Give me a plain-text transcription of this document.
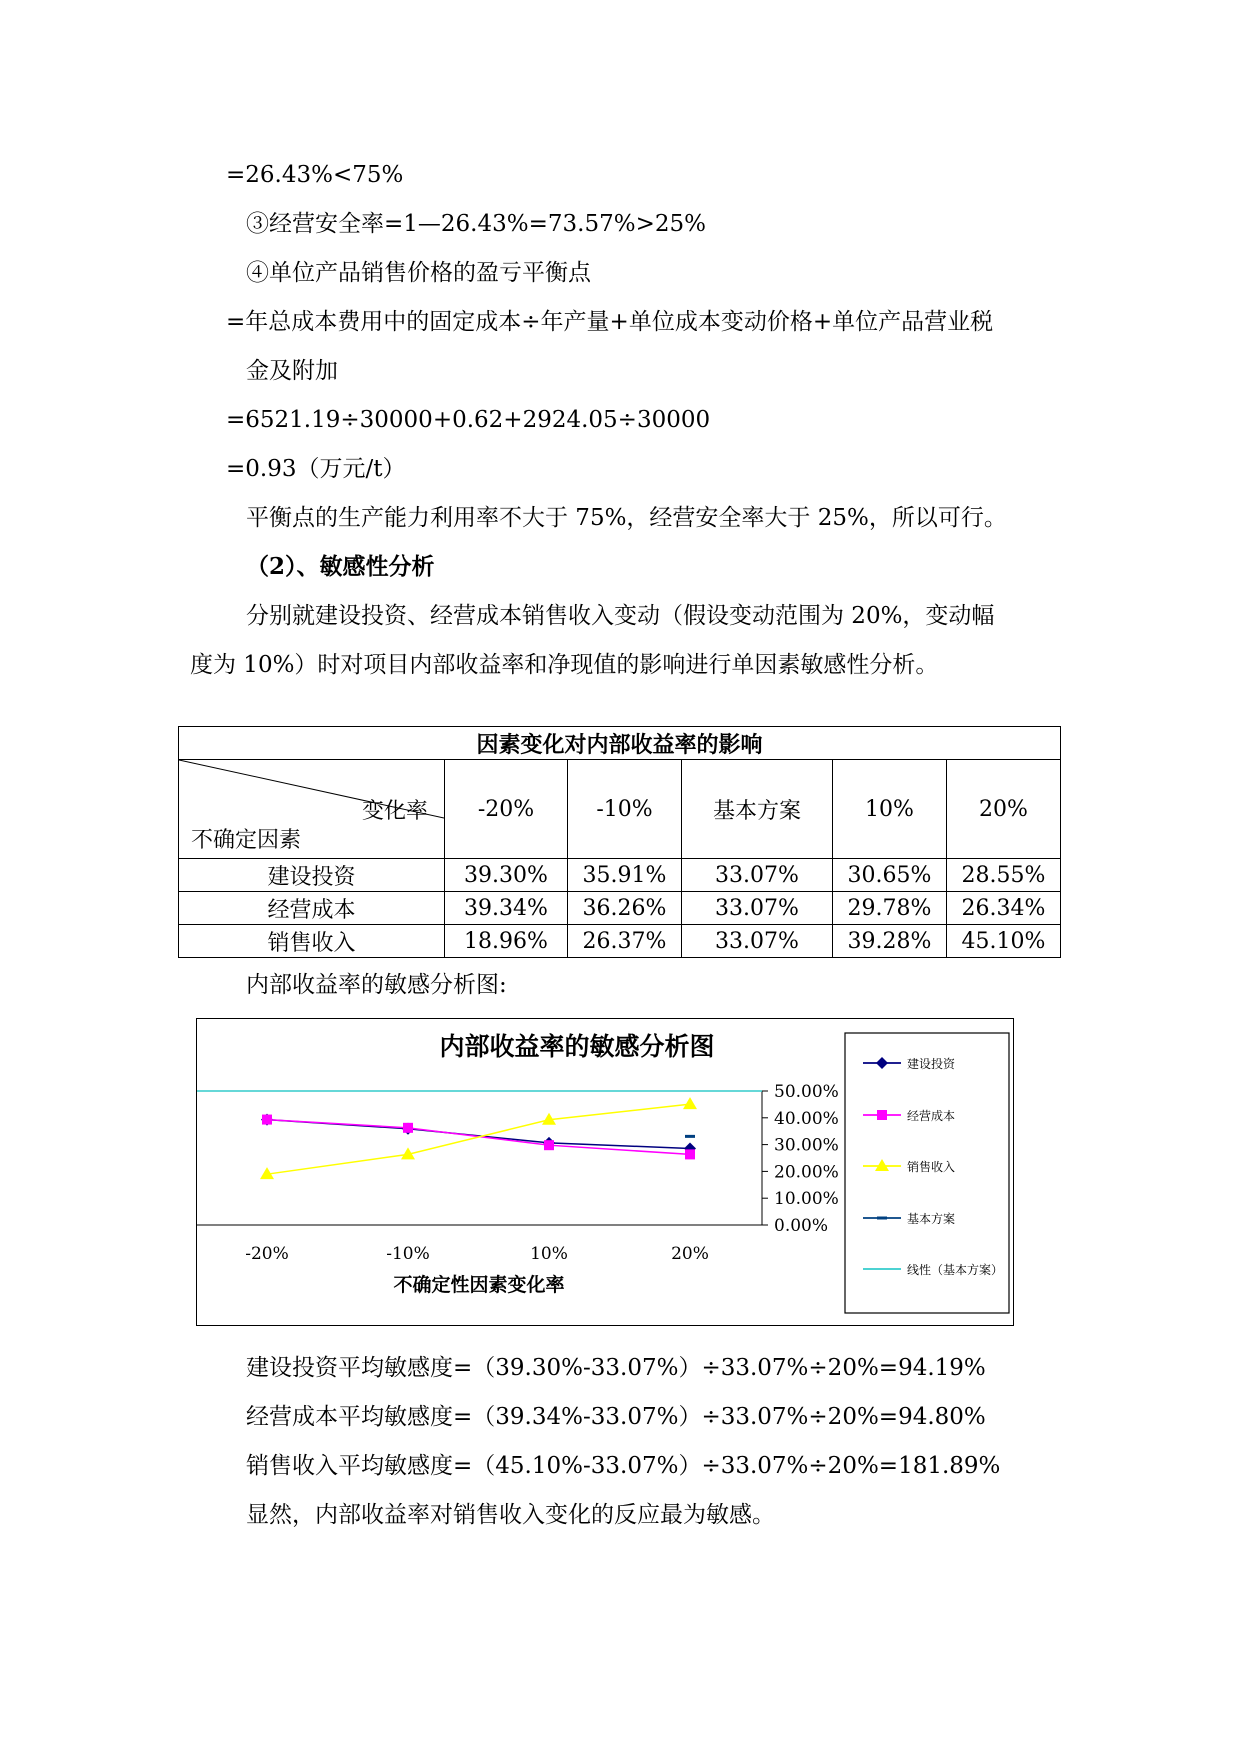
=26.43%<75%
③经营安全率=1—26.43%=73.57%>25%
④单位产品销售价格的盈亏平衡点
=年总成本费用中的固定成本÷年产量+单位成本变动价格+单位产品营业税
金及附加
=6521.19÷30000+0.62+2924.05÷30000
=0.93（万元/t）
平衡点的生产能力利用率不大于 75%，经营安全率大于 25%，所以可行。
（2）、敏感性分析
分别就建设投资、经营成本销售收入变动（假设变动范围为 20%，变动幅
度为 10%）时对项目内部收益率和净现值的影响进行单因素敏感性分析。
因素变化对内部收益率的影响					

变化率
不确定因素	-20%	-10%	基本方案	10%	20%
建设投资	39.30%	35.91%	33.07%	30.65%	28.55%
经营成本	39.34%	36.26%	33.07%	29.78%	26.34%
销售收入	18.96%	26.37%	33.07%	39.28%	45.10%
内部收益率的敏感分析图:
内部收益率的敏感分析图
50.00%
40.00%
30.00%
20.00%
10.00%
0.00%
-20%	-10%	10%	20%
不确定性因素变化率
建设投资
经营成本
销售收入
基本方案
线性（基本方案）
建设投资平均敏感度=（39.30%-33.07%）÷33.07%÷20%=94.19%
经营成本平均敏感度=（39.34%-33.07%）÷33.07%÷20%=94.80%
销售收入平均敏感度=（45.10%-33.07%）÷33.07%÷20%=181.89%
显然，内部收益率对销售收入变化的反应最为敏感。
